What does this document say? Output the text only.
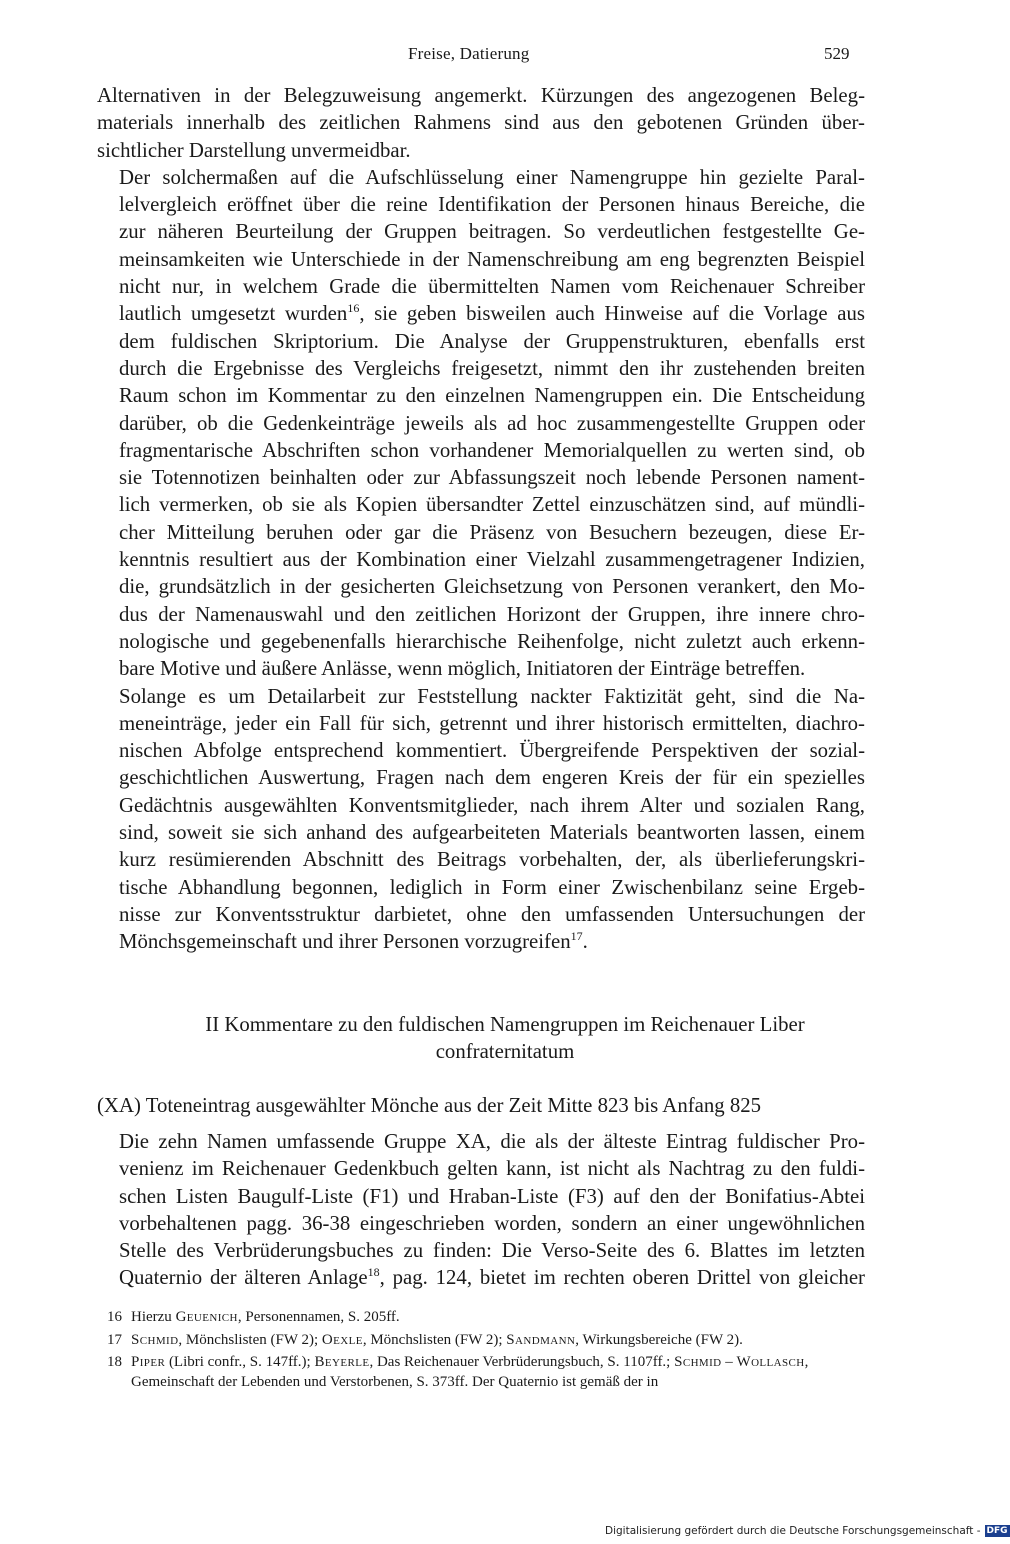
Freise, Datierung	529
Alternativen in der Belegzuweisung angemerkt. Kürzungen des angezogenen Beleg-
materials innerhalb des zeitlichen Rahmens sind aus den gebotenen Gründen über-
sichtlicher Darstellung unvermeidbar.
Der solchermaßen auf die Aufschlüsselung einer Namengruppe hin gezielte Paral-
lelvergleich eröffnet über die reine Identifikation der Personen hinaus Bereiche, die
zur näheren Beurteilung der Gruppen beitragen. So verdeutlichen festgestellte Ge-
meinsamkeiten wie Unterschiede in der Namenschreibung am eng begrenzten Beispiel
nicht nur, in welchem Grade die übermittelten Namen vom Reichenauer Schreiber
lautlich umgesetzt wurden$^{16}$, sie geben bisweilen auch Hinweise auf die Vorlage aus
dem fuldischen Skriptorium. Die Analyse der Gruppenstrukturen, ebenfalls erst
durch die Ergebnisse des Vergleichs freigesetzt, nimmt den ihr zustehenden breiten
Raum schon im Kommentar zu den einzelnen Namengruppen ein. Die Entscheidung
darüber, ob die Gedenkeinträge jeweils als ad hoc zusammengestellte Gruppen oder
fragmentarische Abschriften schon vorhandener Memorialquellen zu werten sind, ob
sie Totennotizen beinhalten oder zur Abfassungszeit noch lebende Personen nament-
lich vermerken, ob sie als Kopien übersandter Zettel einzuschätzen sind, auf mündli-
cher Mitteilung beruhen oder gar die Präsenz von Besuchern bezeugen, diese Er-
kenntnis resultiert aus der Kombination einer Vielzahl zusammengetragener Indizien,
die, grundsätzlich in der gesicherten Gleichsetzung von Personen verankert, den Mo-
dus der Namenauswahl und den zeitlichen Horizont der Gruppen, ihre innere chro-
nologische und gegebenenfalls hierarchische Reihenfolge, nicht zuletzt auch erkenn-
bare Motive und äußere Anlässe, wenn möglich, Initiatoren der Einträge betreffen.
Solange es um Detailarbeit zur Feststellung nackter Faktizität geht, sind die Na-
meneinträge, jeder ein Fall für sich, getrennt und ihrer historisch ermittelten, diachro-
nischen Abfolge entsprechend kommentiert. Übergreifende Perspektiven der sozial-
geschichtlichen Auswertung, Fragen nach dem engeren Kreis der für ein spezielles
Gedächtnis ausgewählten Konventsmitglieder, nach ihrem Alter und sozialen Rang,
sind, soweit sie sich anhand des aufgearbeiteten Materials beantworten lassen, einem
kurz resümierenden Abschnitt des Beitrags vorbehalten, der, als überlieferungskri-
tische Abhandlung begonnen, lediglich in Form einer Zwischenbilanz seine Ergeb-
nisse zur Konventsstruktur darbietet, ohne den umfassenden Untersuchungen der
Mönchsgemeinschaft und ihrer Personen vorzugreifen$^{17}$.
II Kommentare zu den fuldischen Namengruppen im Reichenauer Liber
confraternitatum
(XA) Toteneintrag ausgewählter Mönche aus der Zeit Mitte 823 bis Anfang 825
Die zehn Namen umfassende Gruppe XA, die als der älteste Eintrag fuldischer Pro-
venienz im Reichenauer Gedenkbuch gelten kann, ist nicht als Nachtrag zu den fuldi-
schen Listen Baugulf-Liste (F1) und Hraban-Liste (F3) auf den der Bonifatius-Abtei
vorbehaltenen pagg. 36-38 eingeschrieben worden, sondern an einer ungewöhnlichen
Stelle des Verbrüderungsbuches zu finden: Die Verso-Seite des 6. Blattes im letzten
Quaternio der älteren Anlage$^{18}$, pag. 124, bietet im rechten oberen Drittel von gleicher
16 Hierzu Geuenich, Personennamen, S. 205ff.
17 Schmid, Mönchslisten (FW 2); Oexle, Mönchslisten (FW 2); Sandmann, Wirkungsbereiche (FW 2).
18 Piper (Libri confr., S. 147ff.); Beyerle, Das Reichenauer Verbrüderungsbuch, S. 1107ff.; Schmid – Wollasch, Gemeinschaft der Lebenden und Verstorbenen, S. 373ff. Der Quaternio ist gemäß der in
Digitalisierung gefördert durch die Deutsche Forschungsgemeinschaft - DFG
